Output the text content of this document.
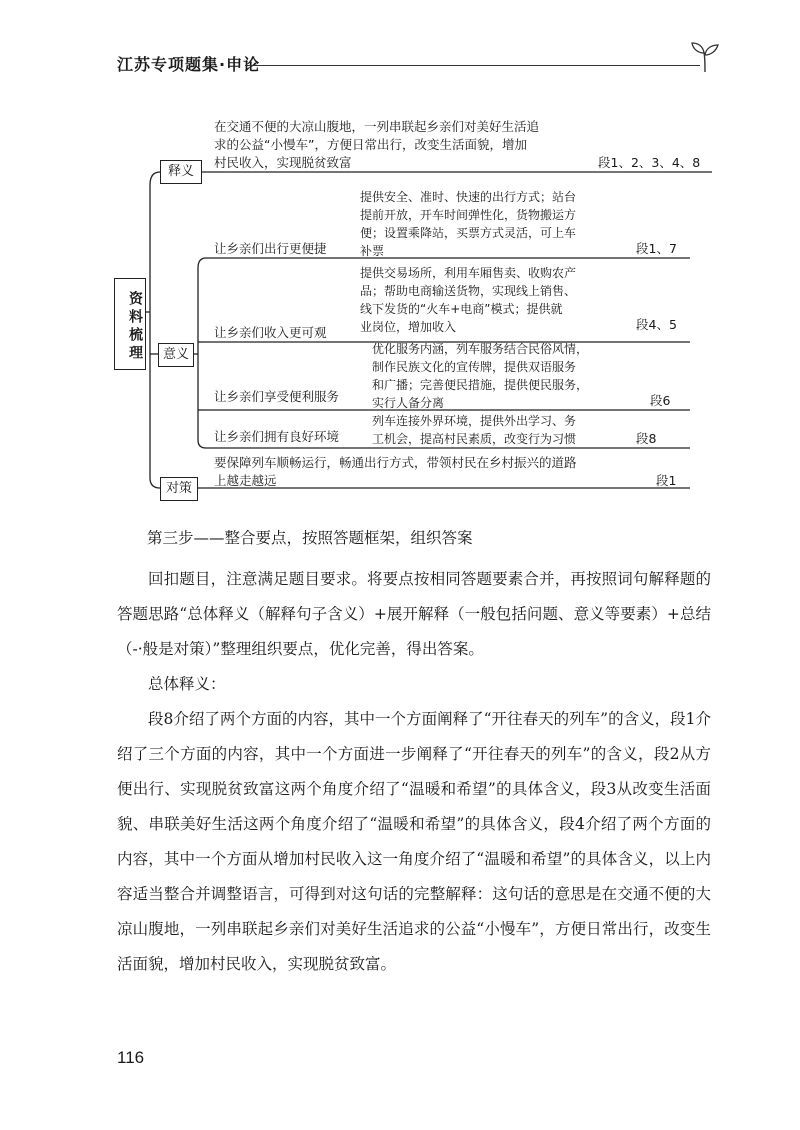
江苏专项题集·申论
资料梳理
释义
在交通不便的大凉山腹地，一列串联起乡亲们对美好生活追
求的公益“小慢车”，方便日常出行，改变生活面貌，增加
村民收入，实现脱贫致富	段1、2、3、4、8
意义
让乡亲们出行更便捷
提供安全、准时、快速的出行方式；站台
提前开放，开车时间弹性化，货物搬运方
便；设置乘降站，买票方式灵活，可上车
补票	段1、7
让乡亲们收入更可观
提供交易场所，利用车厢售卖、收购农产
品；帮助电商输送货物，实现线上销售、
线下发货的“火车+电商”模式；提供就
业岗位，增加收入	段4、5
让乡亲们享受便利服务
优化服务内涵，列车服务结合民俗风情，
制作民族文化的宣传牌，提供双语服务
和广播；完善便民措施，提供便民服务，
实行人备分离	段6
让乡亲们拥有良好环境
列车连接外界环境，提供外出学习、务
工机会，提高村民素质，改变行为习惯	段8
对策
要保障列车顺畅运行，畅通出行方式，带领村民在乡村振兴的道路
上越走越远	段1
第三步——整合要点，按照答题框架，组织答案
回扣题目，注意满足题目要求。将要点按相同答题要素合并，再按照词句解释题的答题思路“总体释义（解释句子含义）+展开解释（一般包括问题、意义等要素）+总结（-·般是对策）”整理组织要点，优化完善，得出答案。
总体释义：
段8介绍了两个方面的内容，其中一个方面阐释了“开往春天的列车”的含义，段1介绍了三个方面的内容，其中一个方面进一步阐释了“开往春天的列车”的含义，段2从方便出行、实现脱贫致富这两个角度介绍了“温暖和希望”的具体含义，段3从改变生活面貌、串联美好生活这两个角度介绍了“温暖和希望”的具体含义，段4介绍了两个方面的内容，其中一个方面从增加村民收入这一角度介绍了“温暖和希望”的具体含义，以上内容适当整合并调整语言，可得到对这句话的完整解释：这句话的意思是在交通不便的大凉山腹地，一列串联起乡亲们对美好生活追求的公益“小慢车”，方便日常出行，改变生活面貌，增加村民收入，实现脱贫致富。
116
